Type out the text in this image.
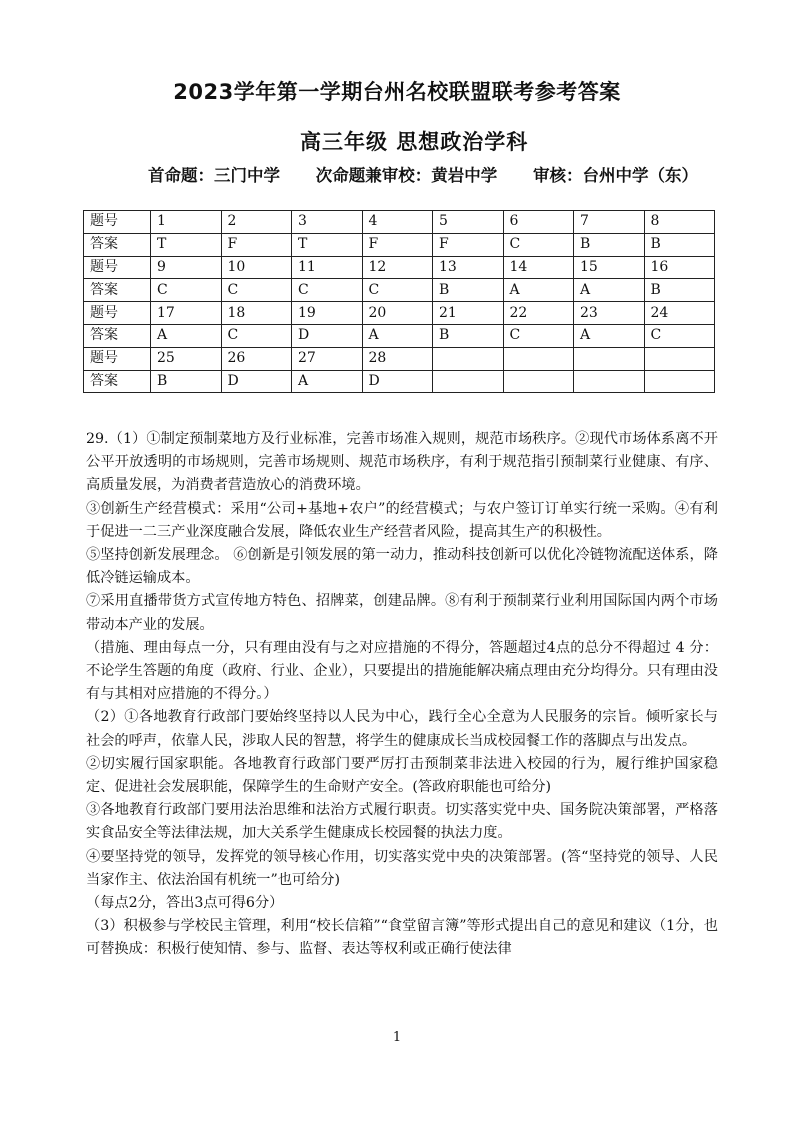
2023学年第一学期台州名校联盟联考参考答案
高三年级 思想政治学科
首命题：三门中学 次命题兼审校：黄岩中学 审核：台州中学（东）
题号	1	2	3	4	5	6	7	8
答案	T	F	T	F	F	C	B	B
题号	9	10	11	12	13	14	15	16
答案	C	C	C	C	B	A	A	B
题号	17	18	19	20	21	22	23	24
答案	A	C	D	A	B	C	A	C
题号	25	26	27	28				
答案	B	D	A	D				

29.（1）①制定预制菜地方及行业标准，完善市场准入规则，规范市场秩序。②现代市场体系离不开公平开放透明的市场规则，完善市场规则、规范市场秩序，有利于规范指引预制菜行业健康、有序、高质量发展，为消费者营造放心的消费环境。

③创新生产经营模式：采用“公司+基地+农户”的经营模式；与农户签订订单实行统一采购。④有利于促进一二三产业深度融合发展，降低农业生产经营者风险，提高其生产的积极性。

⑤坚持创新发展理念。 ⑥创新是引领发展的第一动力，推动科技创新可以优化冷链物流配送体系，降低冷链运输成本。

⑦采用直播带货方式宣传地方特色、招牌菜，创建品牌。⑧有利于预制菜行业利用国际国内两个市场带动本产业的发展。

（措施、理由每点一分，只有理由没有与之对应措施的不得分，答题超过4点的总分不得超过 4 分：不论学生答题的角度（政府、行业、企业），只要提出的措施能解决痛点理由充分均得分。只有理由没有与其相对应措施的不得分。）

（2）①各地教育行政部门要始终坚持以人民为中心，践行全心全意为人民服务的宗旨。倾听家长与社会的呼声，依靠人民，涉取人民的智慧，将学生的健康成长当成校园餐工作的落脚点与出发点。

②切实履行国家职能。各地教育行政部门要严厉打击预制菜非法进入校园的行为，履行维护国家稳定、促进社会发展职能，保障学生的生命财产安全。(答政府职能也可给分)

③各地教育行政部门要用法治思维和法治方式履行职责。切实落实党中央、国务院决策部署，严格落实食品安全等法律法规，加大关系学生健康成长校园餐的执法力度。

④要坚持党的领导，发挥党的领导核心作用，切实落实党中央的决策部署。(答“坚持党的领导、人民当家作主、依法治国有机统一”也可给分)

（每点2分，答出3点可得6分）

（3）积极参与学校民主管理，利用“校长信箱”“食堂留言簿”等形式提出自己的意见和建议（1分，也可替换成：积极行使知情、参与、监督、表达等权利或正确行使法律

1
